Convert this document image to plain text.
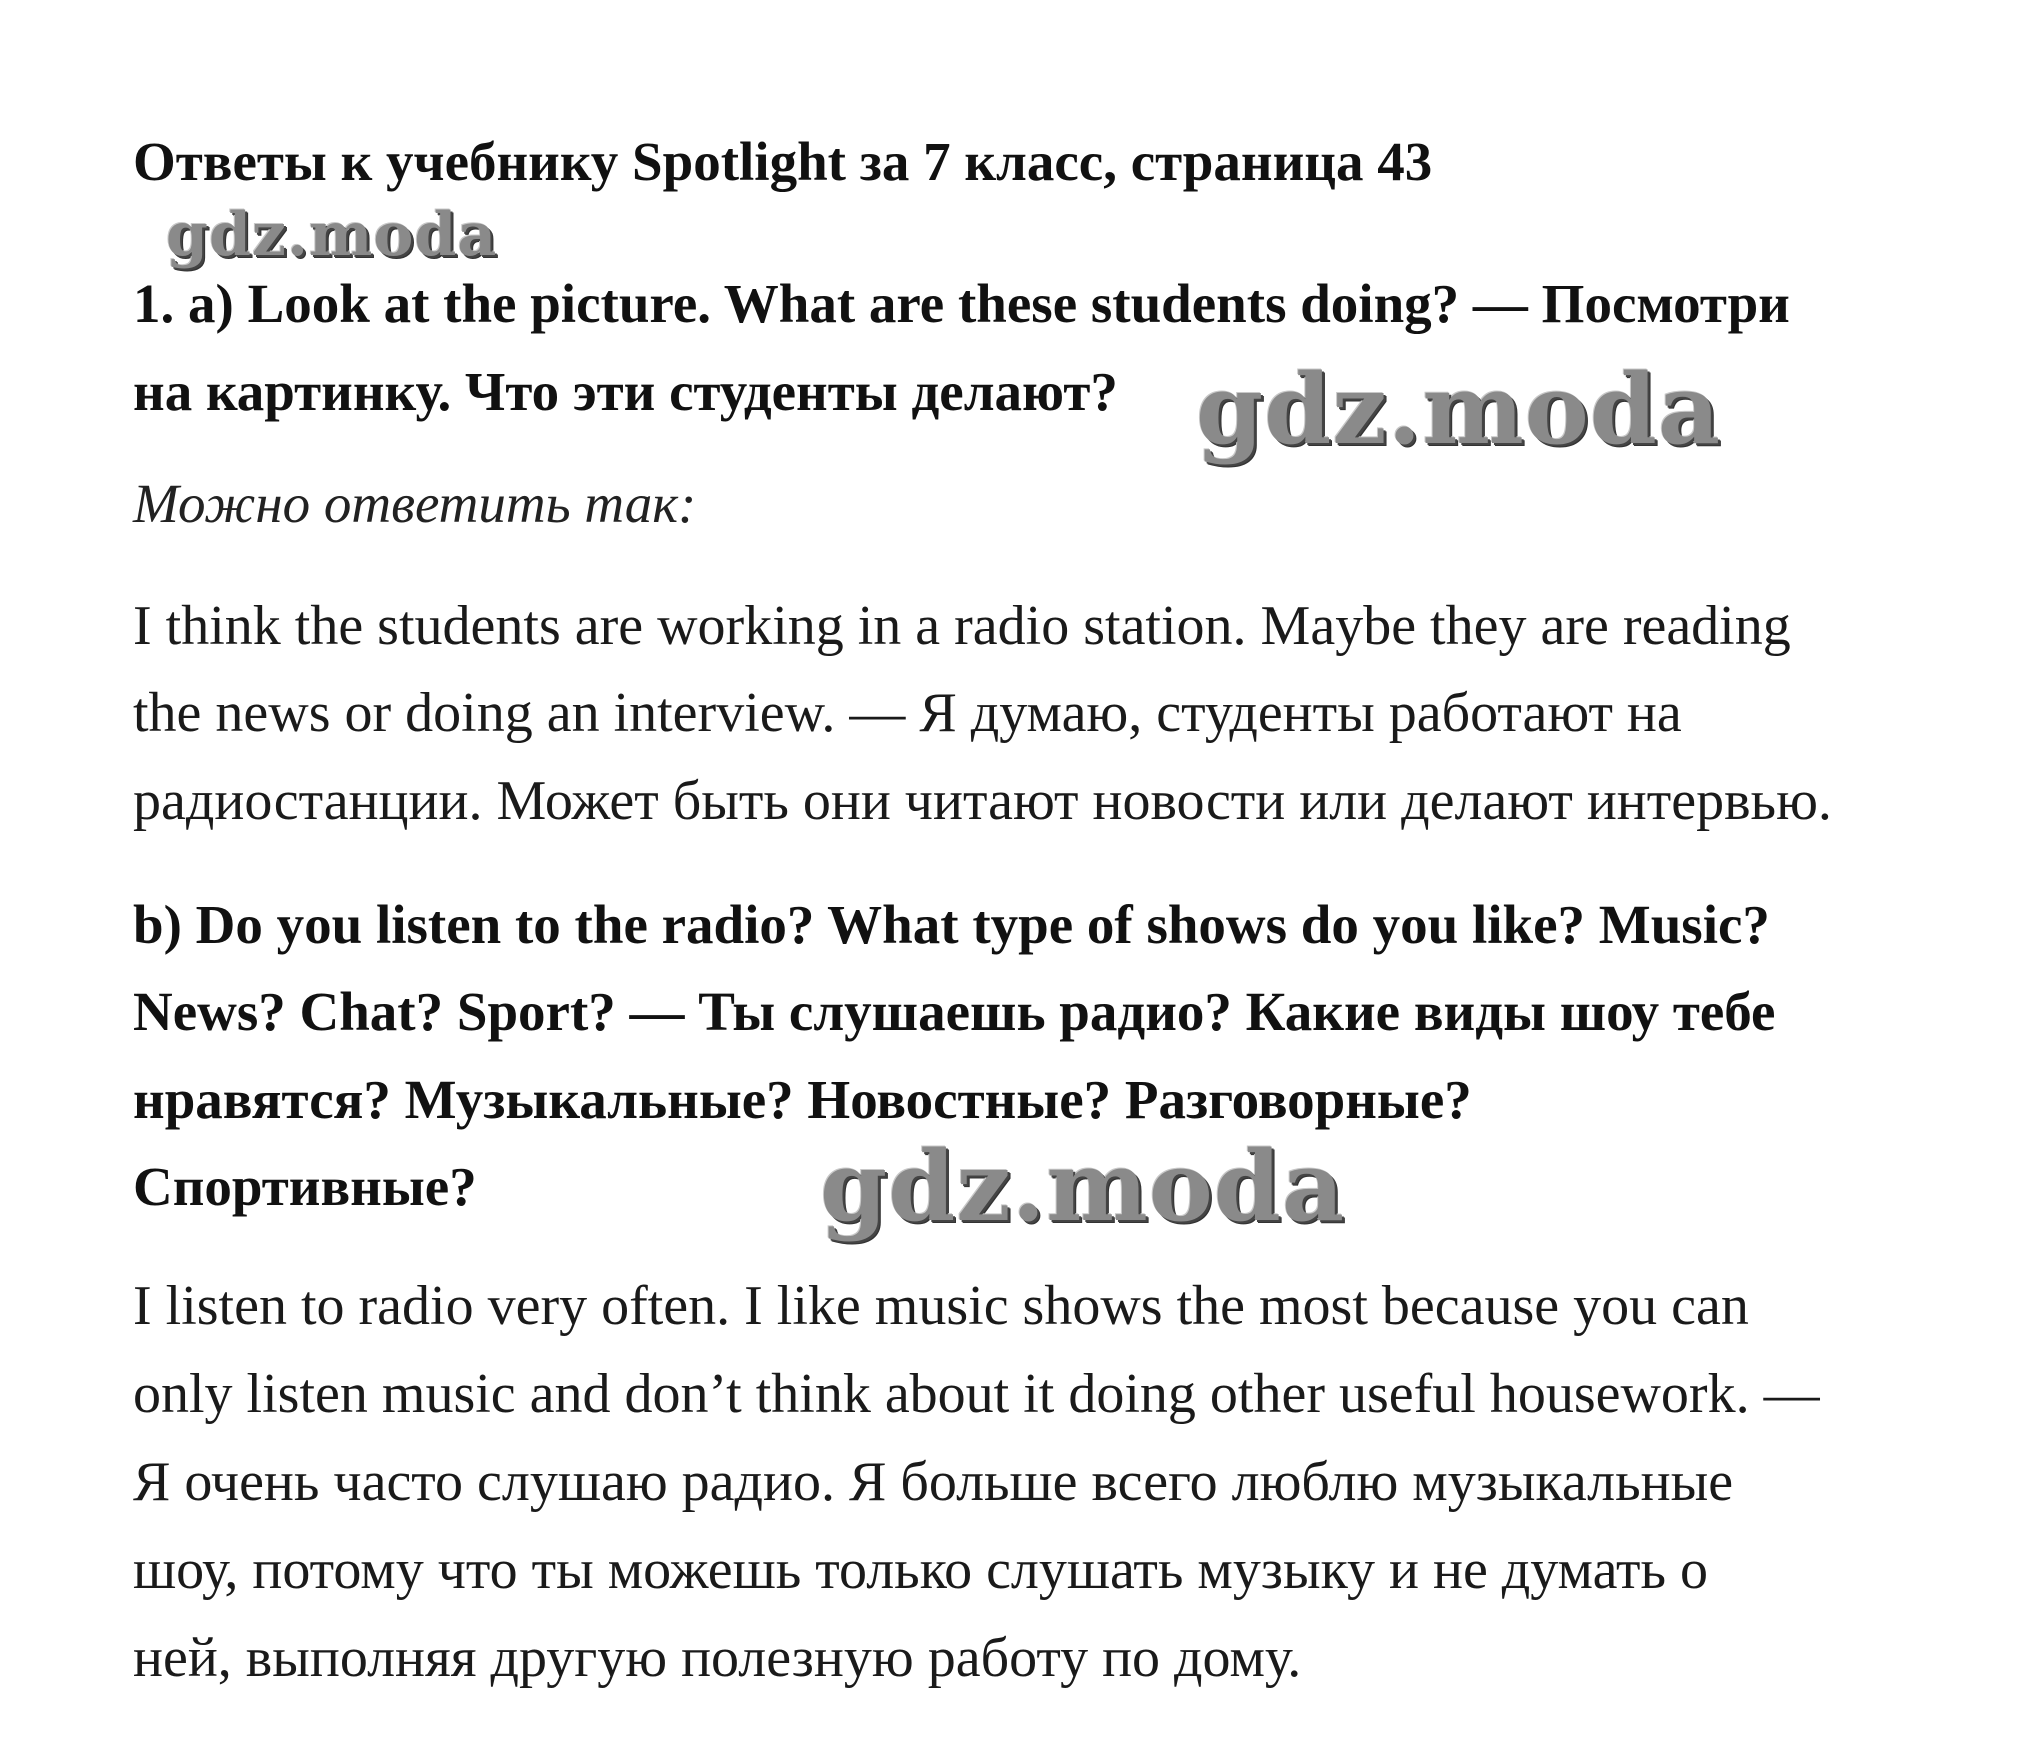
Ответы к учебнику Spotlight за 7 класс, страница 43
gdz.moda
1. a) Look at the picture. What are these students doing? — Посмотри
на картинку. Что эти студенты делают? gdz.moda
Можно ответить так:
I think the students are working in a radio station. Maybe they are reading
the news or doing an interview. — Я думаю, студенты работают на
радиостанции. Может быть они читают новости или делают интервью.
b) Do you listen to the radio? What type of shows do you like? Music?
News? Chat? Sport? — Ты слушаешь радио? Какие виды шоу тебе
нравятся? Музыкальные? Новостные? Разговорные?
Спортивные?	gdz.moda
I listen to radio very often. I like music shows the most because you can
only listen music and don’t think about it doing other useful housework. —
Я очень часто слушаю радио. Я больше всего люблю музыкальные
шоу, потому что ты можешь только слушать музыку и не думать о
ней, выполняя другую полезную работу по дому.
